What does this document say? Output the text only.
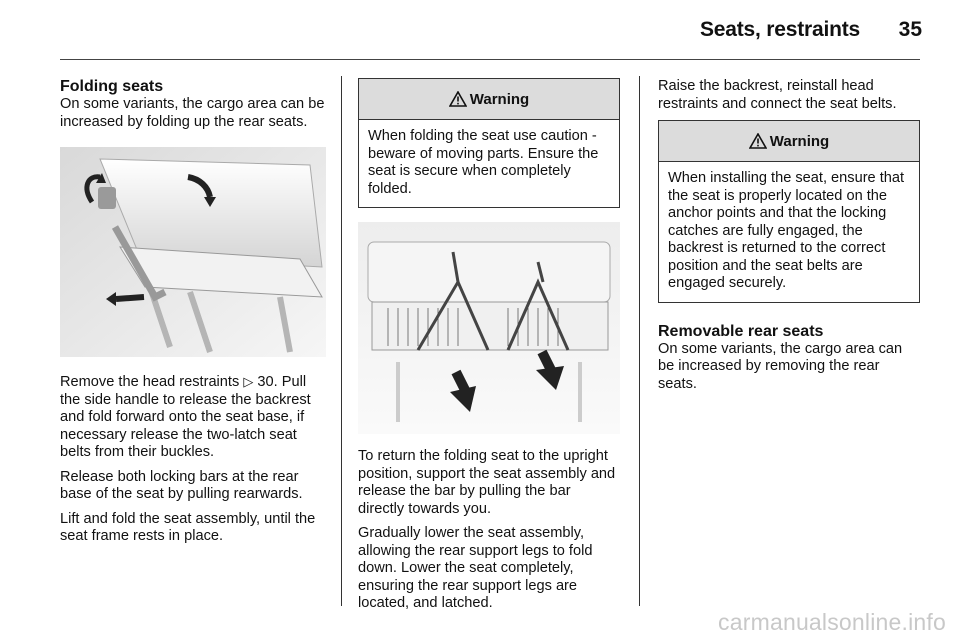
Seats, restraints 35
Folding seats

On some variants, the cargo area can be increased by folding up the rear seats.

Remove the head restraints ▷ 30. Pull the side handle to release the backrest and fold forward onto the seat base, if necessary release the two-latch seat belts from their buckles.

Release both locking bars at the rear base of the seat by pulling rearwards.

Lift and fold the seat assembly, until the seat frame rests in place.

Warning
When folding the seat use caution - beware of moving parts. Ensure the seat is secure when completely folded.

To return the folding seat to the upright position, support the seat assembly and release the bar by pulling the bar directly towards you.

Gradually lower the seat assembly, allowing the rear support legs to fold down. Lower the seat completely, ensuring the rear support legs are located, and latched.

Raise the backrest, reinstall head restraints and connect the seat belts.

Warning
When installing the seat, ensure that the seat is properly located on the anchor points and that the locking catches are fully engaged, the backrest is returned to the correct position and the seat belts are engaged securely.
Removable rear seats

On some variants, the cargo area can be increased by removing the rear seats.

carmanualsonline.info
